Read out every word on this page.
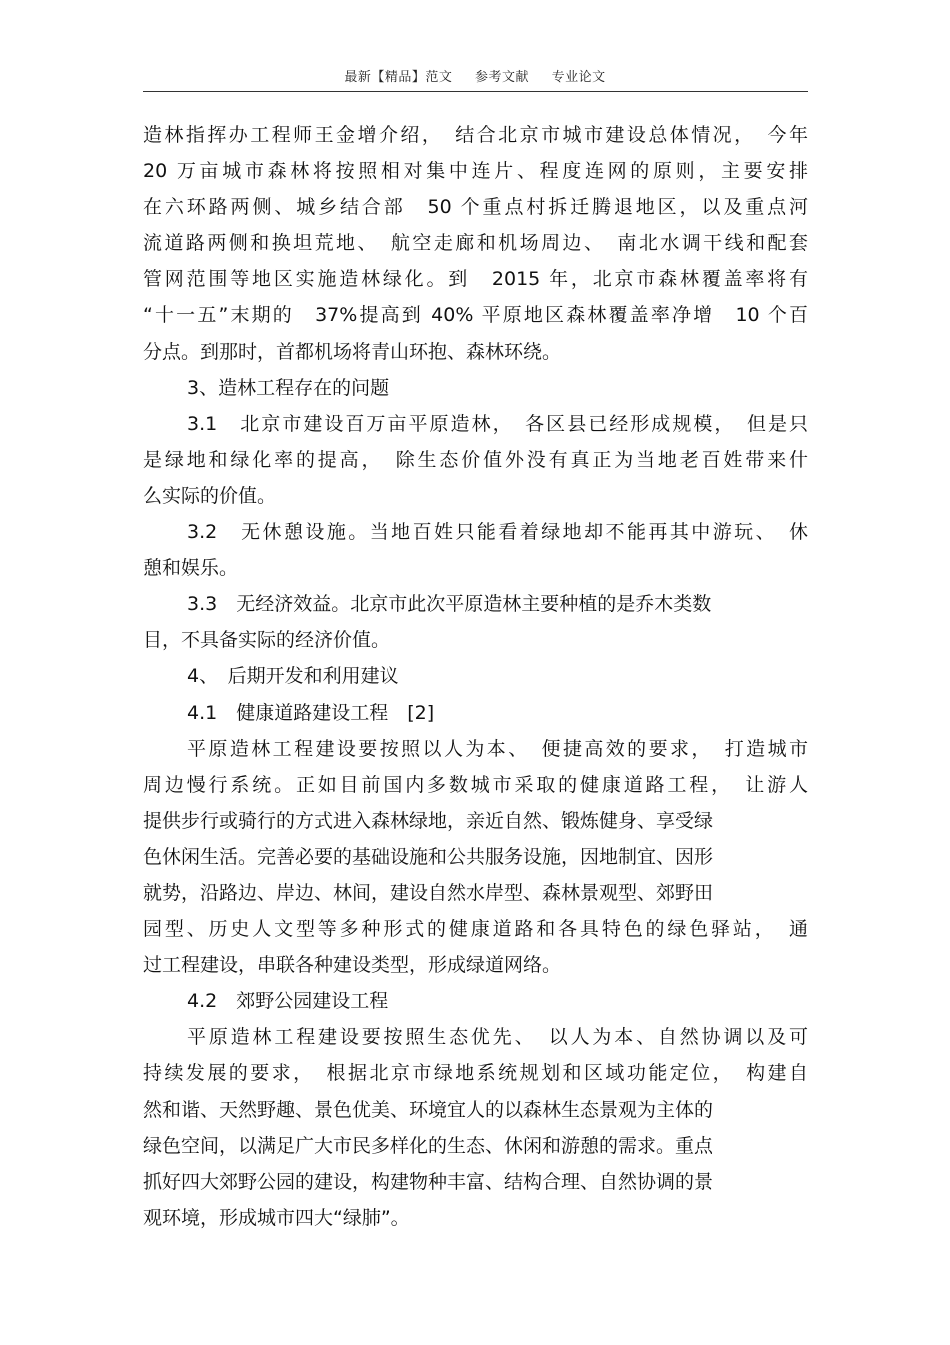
最新【精品】范文 参考文献 专业论文
造林指挥办工程师王金增介绍，　结合北京市城市建设总体情况，　今年
20 万亩城市森林将按照相对集中连片、程度连网的原则，主要安排
在六环路两侧、城乡结合部　50 个重点村拆迁腾退地区，以及重点河
流道路两侧和换坦荒地、　航空走廊和机场周边、　南北水调干线和配套
管网范围等地区实施造林绿化。到　2015 年，北京市森林覆盖率将有
“十一五”末期的　37%提高到 40% 平原地区森林覆盖率净增　10 个百
分点。到那时，首都机场将青山环抱、森林环绕。
3、造林工程存在的问题
3.1　北京市建设百万亩平原造林，　各区县已经形成规模，　但是只
是绿地和绿化率的提高，　除生态价值外没有真正为当地老百姓带来什
么实际的价值。
3.2　无休憩设施。当地百姓只能看着绿地却不能再其中游玩、　休
憩和娱乐。
3.3　无经济效益。北京市此次平原造林主要种植的是乔木类数
目，不具备实际的经济价值。
4、　后期开发和利用建议
4.1　健康道路建设工程　[2]
平原造林工程建设要按照以人为本、　便捷高效的要求，　打造城市
周边慢行系统。正如目前国内多数城市采取的健康道路工程，　让游人
提供步行或骑行的方式进入森林绿地，亲近自然、锻炼健身、享受绿
色休闲生活。完善必要的基础设施和公共服务设施，因地制宜、因形
就势，沿路边、岸边、林间，建设自然水岸型、森林景观型、郊野田
园型、历史人文型等多种形式的健康道路和各具特色的绿色驿站，　通
过工程建设，串联各种建设类型，形成绿道网络。
4.2　郊野公园建设工程
平原造林工程建设要按照生态优先、　以人为本、自然协调以及可
持续发展的要求，　根据北京市绿地系统规划和区域功能定位，　构建自
然和谐、天然野趣、景色优美、环境宜人的以森林生态景观为主体的
绿色空间，以满足广大市民多样化的生态、休闲和游憩的需求。重点
抓好四大郊野公园的建设，构建物种丰富、结构合理、自然协调的景
观环境，形成城市四大“绿肺”。
